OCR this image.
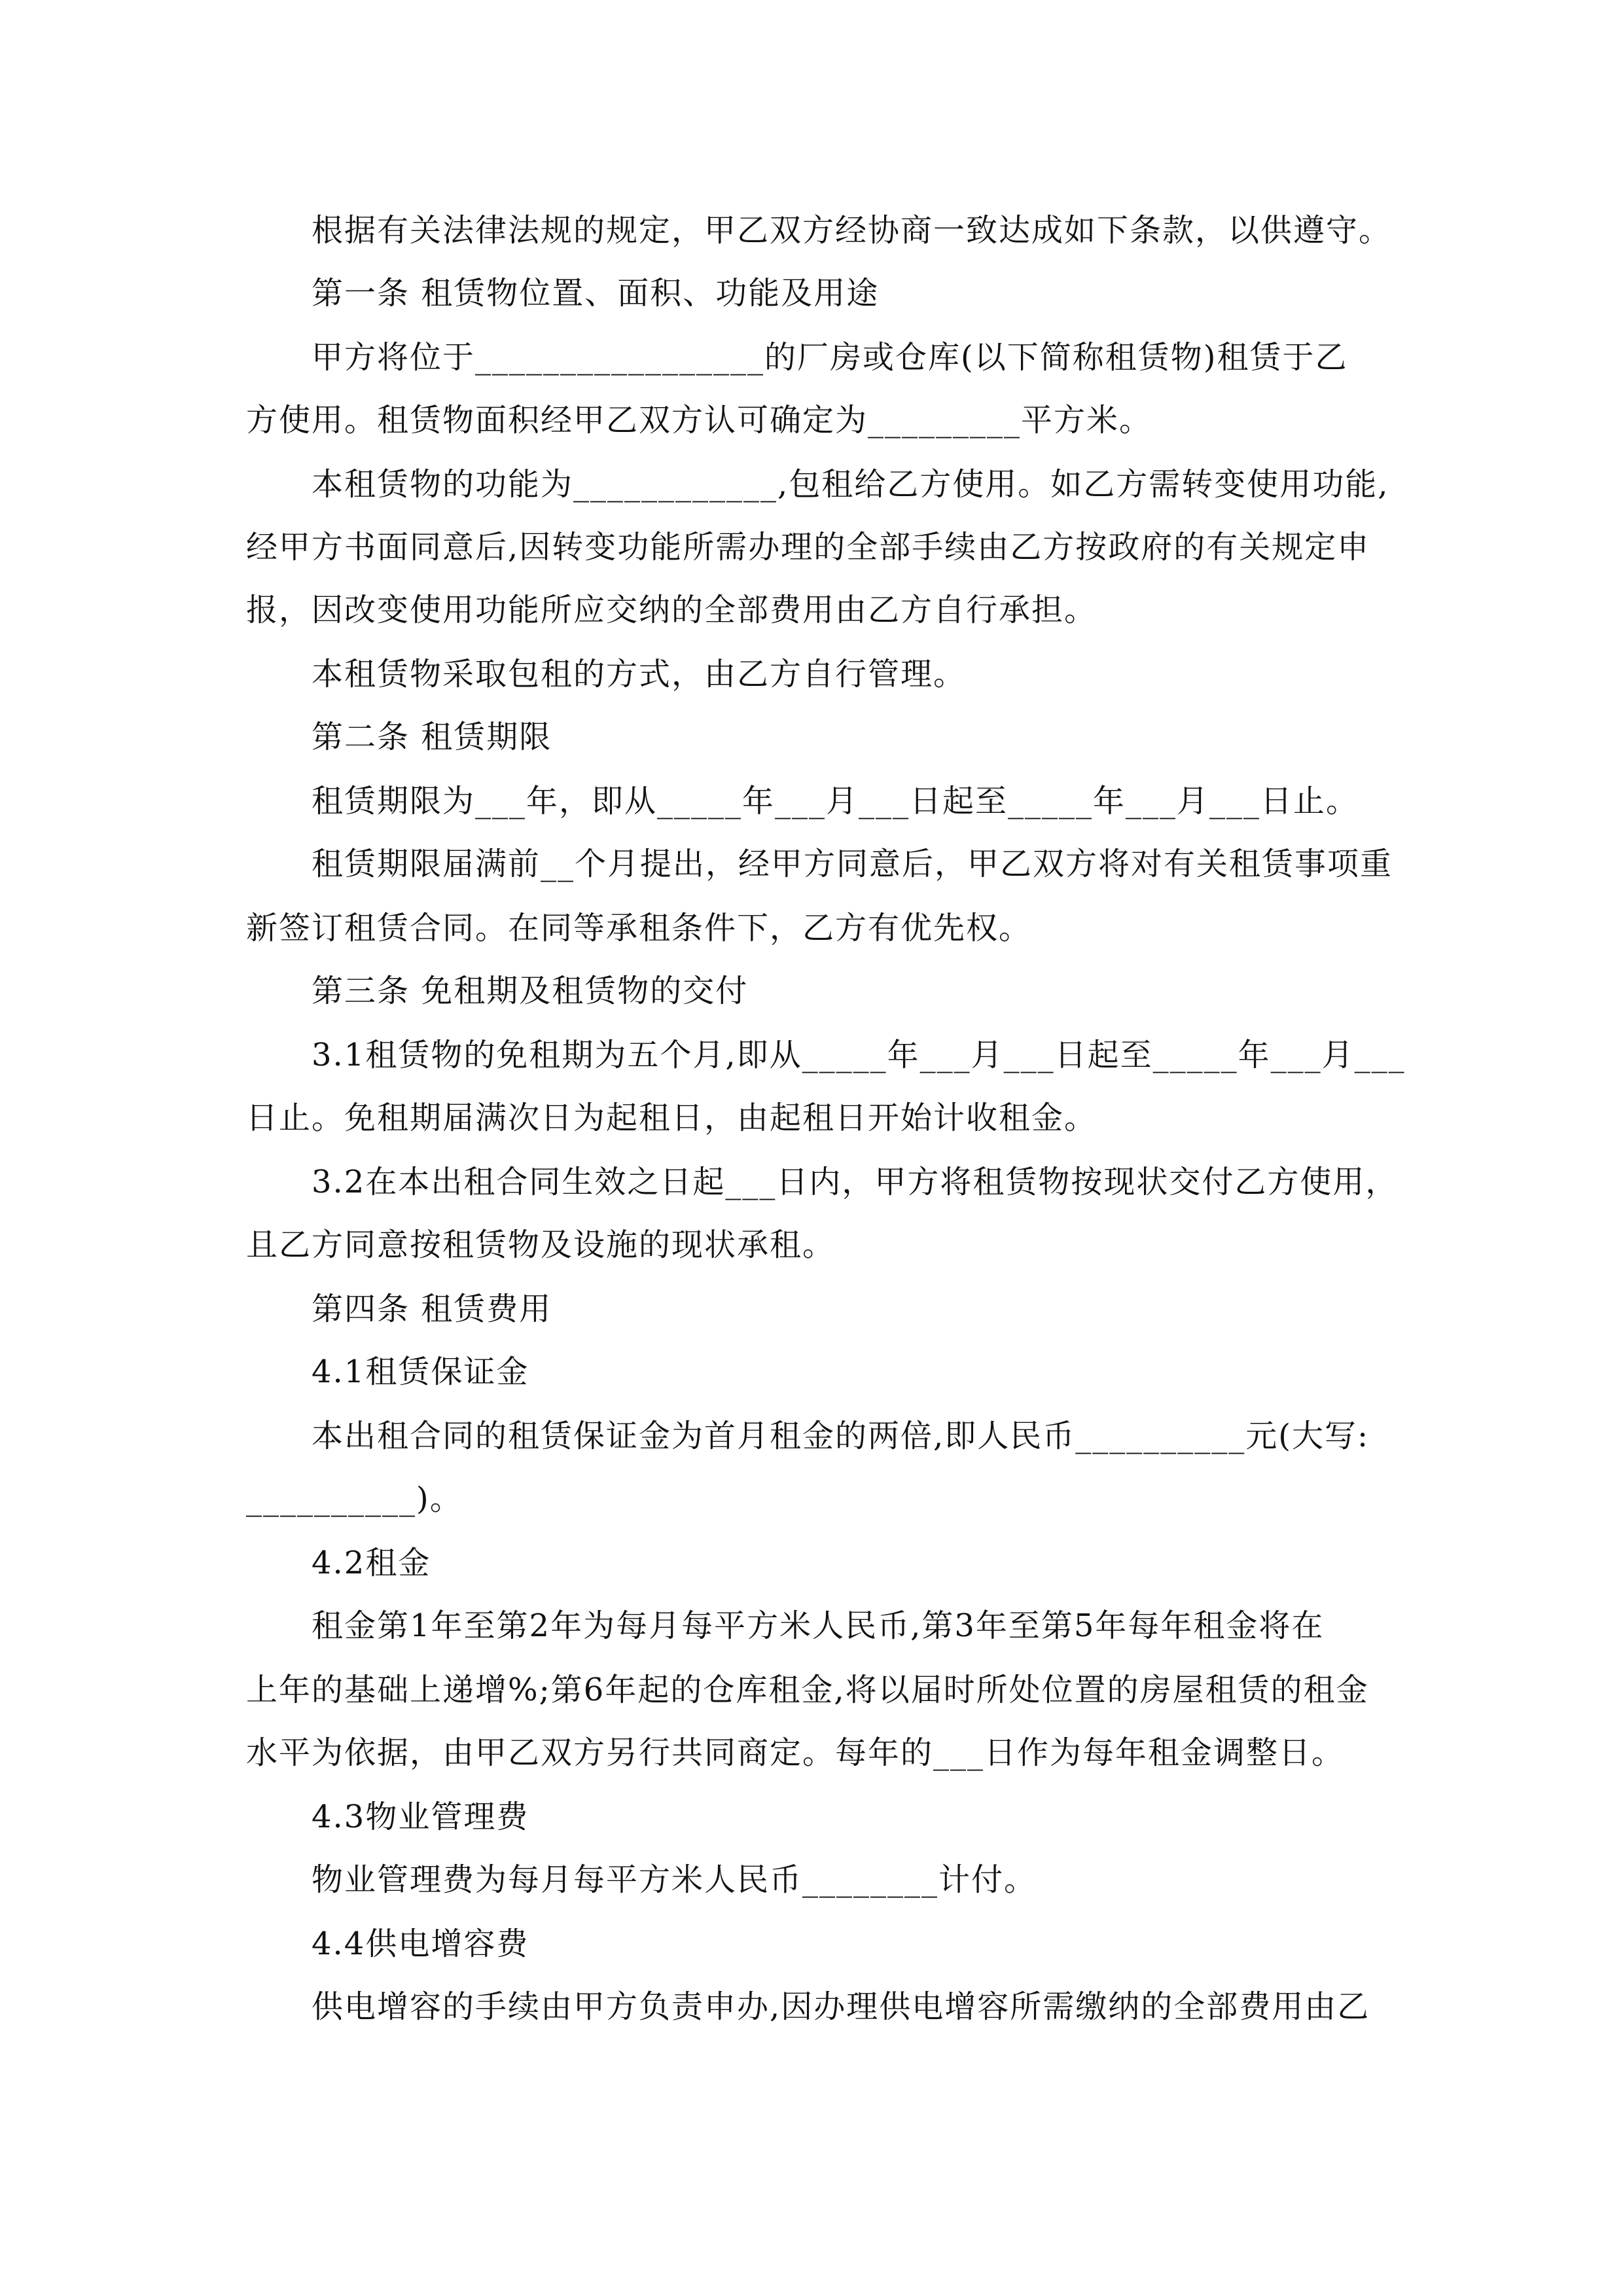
根据有关法律法规的规定，甲乙双方经协商一致达成如下条款，以供遵守。
第一条 租赁物位置、面积、功能及用途
甲方将位于_________________的厂房或仓库(以下简称租赁物)租赁于乙
方使用。租赁物面积经甲乙双方认可确定为_________平方米。
本租赁物的功能为____________,包租给乙方使用。如乙方需转变使用功能,
经甲方书面同意后,因转变功能所需办理的全部手续由乙方按政府的有关规定申
报，因改变使用功能所应交纳的全部费用由乙方自行承担。
本租赁物采取包租的方式，由乙方自行管理。
第二条 租赁期限
租赁期限为___年，即从_____年___月___日起至_____年___月___日止。
租赁期限届满前__个月提出，经甲方同意后，甲乙双方将对有关租赁事项重
新签订租赁合同。在同等承租条件下，乙方有优先权。
第三条 免租期及租赁物的交付
3.1租赁物的免租期为五个月,即从_____年___月___日起至_____年___月___
日止。免租期届满次日为起租日，由起租日开始计收租金。
3.2在本出租合同生效之日起___日内，甲方将租赁物按现状交付乙方使用，
且乙方同意按租赁物及设施的现状承租。
第四条 租赁费用
4.1租赁保证金
本出租合同的租赁保证金为首月租金的两倍,即人民币__________元(大写:
__________)。
4.2租金
租金第1年至第2年为每月每平方米人民币,第3年至第5年每年租金将在
上年的基础上递增%;第6年起的仓库租金,将以届时所处位置的房屋租赁的租金
水平为依据，由甲乙双方另行共同商定。每年的___日作为每年租金调整日。
4.3物业管理费
物业管理费为每月每平方米人民币________计付。
4.4供电增容费
供电增容的手续由甲方负责申办,因办理供电增容所需缴纳的全部费用由乙
